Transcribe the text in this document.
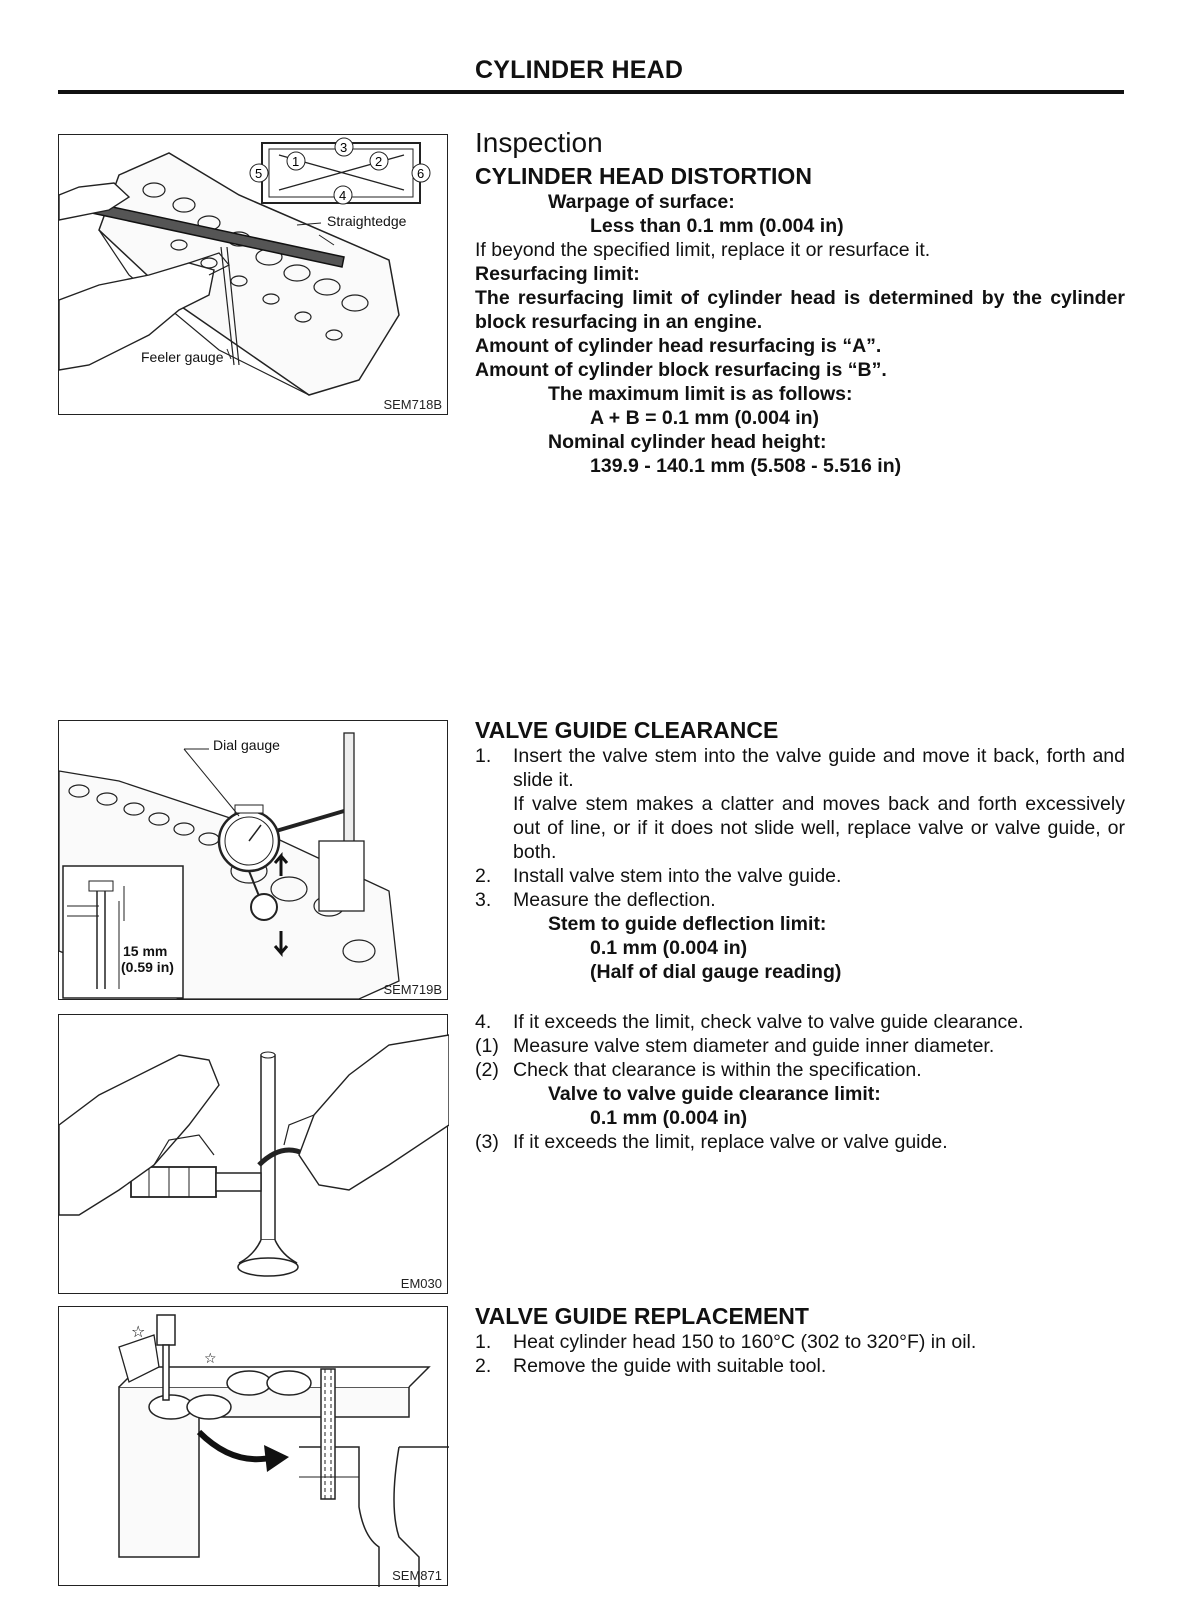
CYLINDER HEAD
5
1
3
2
4
6
Straightedge
Feeler gauge
SEM718B
Dial gauge
15 mm
(0.59 in)
SEM719B
EM030
☆
☆
SEM871
Inspection
CYLINDER HEAD DISTORTION
Warpage of surface:
Less than 0.1 mm (0.004 in)
If beyond the specified limit, replace it or resurface it.
Resurfacing limit:
The resurfacing limit of cylinder head is determined by the cylinder block resurfacing in an engine.
Amount of cylinder head resurfacing is “A”.
Amount of cylinder block resurfacing is “B”.
The maximum limit is as follows:
A + B = 0.1 mm (0.004 in)
Nominal cylinder head height:
139.9 - 140.1 mm (5.508 - 5.516 in)
VALVE GUIDE CLEARANCE
1. Insert the valve stem into the valve guide and move it back, forth and slide it.
If valve stem makes a clatter and moves back and forth excessively out of line, or if it does not slide well, replace valve or valve guide, or both.
2. Install valve stem into the valve guide.
3. Measure the deflection.
Stem to guide deflection limit:
0.1 mm (0.004 in)
(Half of dial gauge reading)
4. If it exceeds the limit, check valve to valve guide clearance.
(1) Measure valve stem diameter and guide inner diameter.
(2) Check that clearance is within the specification.
Valve to valve guide clearance limit:
0.1 mm (0.004 in)
(3) If it exceeds the limit, replace valve or valve guide.
VALVE GUIDE REPLACEMENT
1. Heat cylinder head 150 to 160°C (302 to 320°F) in oil.
2. Remove the guide with suitable tool.
